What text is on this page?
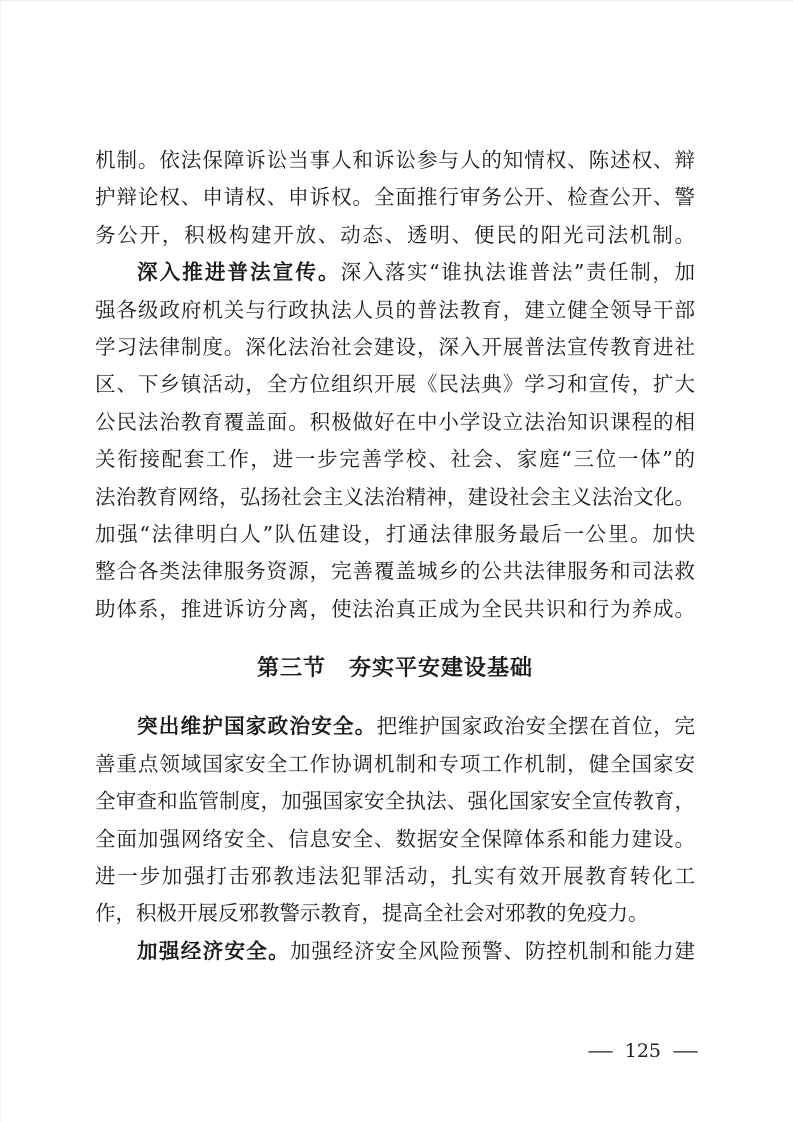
机制。依法保障诉讼当事人和诉讼参与人的知情权、陈述权、辩
护辩论权、申请权、申诉权。全面推行审务公开、检查公开、警
务公开，积极构建开放、动态、透明、便民的阳光司法机制。

深入推进普法宣传。深入落实“谁执法谁普法”责任制，加
强各级政府机关与行政执法人员的普法教育，建立健全领导干部
学习法律制度。深化法治社会建设，深入开展普法宣传教育进社
区、下乡镇活动，全方位组织开展《民法典》学习和宣传，扩大
公民法治教育覆盖面。积极做好在中小学设立法治知识课程的相
关衔接配套工作，进一步完善学校、社会、家庭“三位一体”的
法治教育网络，弘扬社会主义法治精神，建设社会主义法治文化。
加强“法律明白人”队伍建设，打通法律服务最后一公里。加快
整合各类法律服务资源，完善覆盖城乡的公共法律服务和司法救
助体系，推进诉访分离，使法治真正成为全民共识和行为养成。

第三节　夯实平安建设基础

突出维护国家政治安全。把维护国家政治安全摆在首位，完
善重点领域国家安全工作协调机制和专项工作机制，健全国家安
全审查和监管制度，加强国家安全执法、强化国家安全宣传教育，
全面加强网络安全、信息安全、数据安全保障体系和能力建设。
进一步加强打击邪教违法犯罪活动，扎实有效开展教育转化工
作，积极开展反邪教警示教育，提高全社会对邪教的免疫力。

加强经济安全。加强经济安全风险预警、防控机制和能力建

— 125 —
